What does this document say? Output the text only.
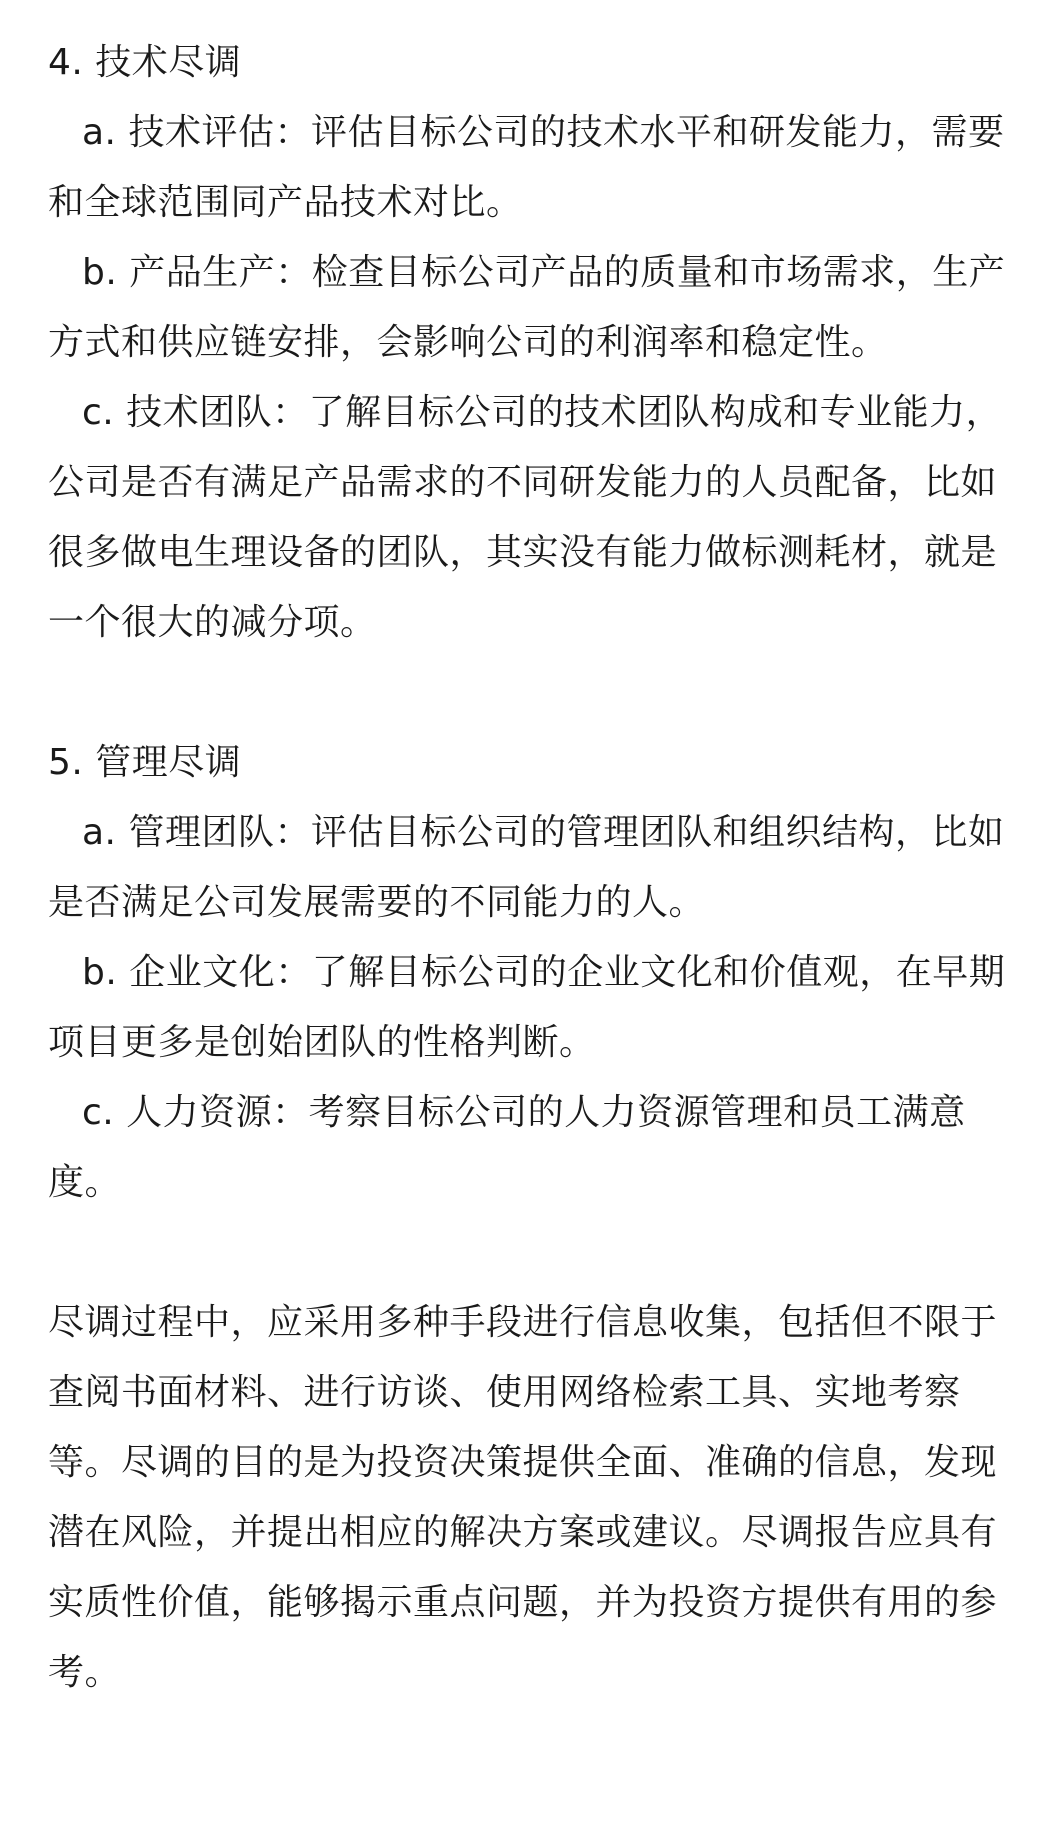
4. 技术尽调

a. 技术评估：评估目标公司的技术水平和研发能力，需要和全球范围同产品技术对比。

b. 产品生产：检查目标公司产品的质量和市场需求，生产方式和供应链安排，会影响公司的利润率和稳定性。

c. 技术团队：了解目标公司的技术团队构成和专业能力，公司是否有满足产品需求的不同研发能力的人员配备，比如很多做电生理设备的团队，其实没有能力做标测耗材，就是一个很大的减分项。

5. 管理尽调

a. 管理团队：评估目标公司的管理团队和组织结构，比如是否满足公司发展需要的不同能力的人。

b. 企业文化：了解目标公司的企业文化和价值观，在早期项目更多是创始团队的性格判断。

c. 人力资源：考察目标公司的人力资源管理和员工满意度。

尽调过程中，应采用多种手段进行信息收集，包括但不限于查阅书面材料、进行访谈、使用网络检索工具、实地考察等。尽调的目的是为投资决策提供全面、准确的信息，发现潜在风险，并提出相应的解决方案或建议。尽调报告应具有实质性价值，能够揭示重点问题，并为投资方提供有用的参考。
